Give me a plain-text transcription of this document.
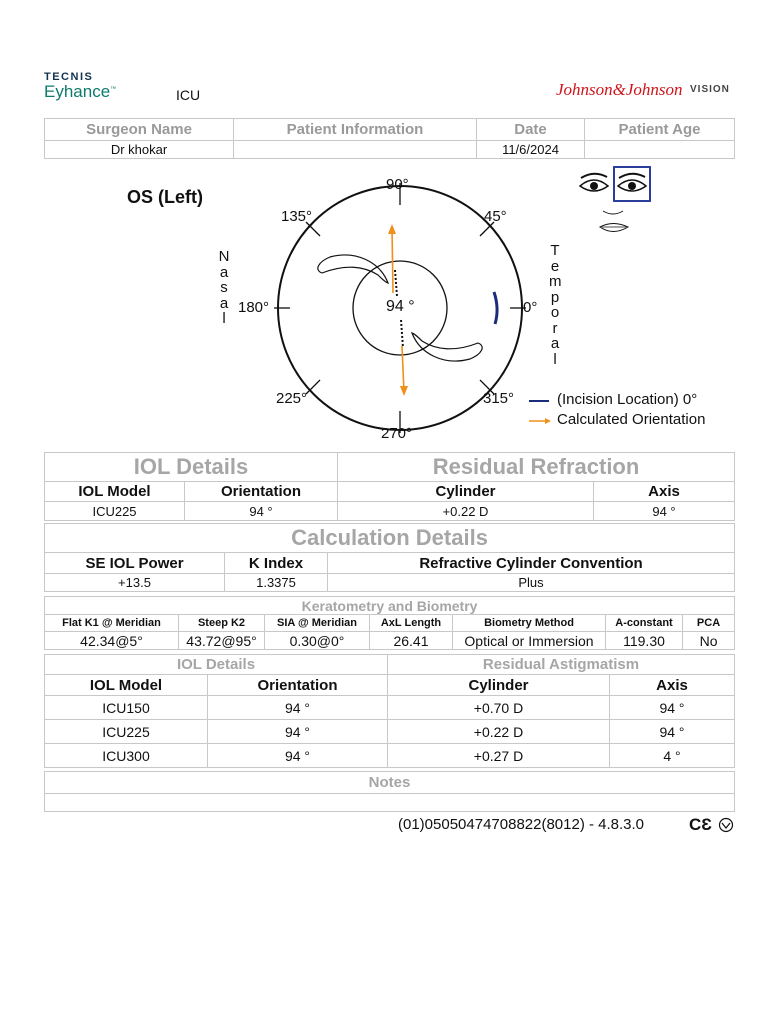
TECNIS
Eyhance™	ICU	Johnson&Johnson VISION
Surgeon Name	Patient Information	Date	Patient Age
Dr khokar		11/6/2024	
OS (Left)
90°
135°	45°
180°	0°
225°	315°
270°
94 °
N
a
s
a
l
T
e
m
p
o
r
a
l
(Incision Location) 0°
Calculated Orientation
IOL Details		Residual Refraction	
IOL Model	Orientation	Cylinder	Axis
ICU225	94 °	+0.22 D	94 °
Calculation Details		
SE IOL Power	K Index	Refractive Cylinder Convention
+13.5	1.3375	Plus
Keratometry and Biometry						
Flat K1 @ Meridian	Steep K2	SIA @ Meridian	AxL Length	Biometry Method	A-constant	PCA
42.34@5°	43.72@95°	0.30@0°	26.41	Optical or Immersion	119.30	No
IOL Details		Residual Astigmatism	
IOL Model	Orientation	Cylinder	Axis
ICU150	94 °	+0.70 D	94 °
ICU225	94 °	+0.22 D	94 °
ICU300	94 °	+0.27 D	4 °
Notes

(01)05050474708822(8012) - 4.8.3.0	CƐ
